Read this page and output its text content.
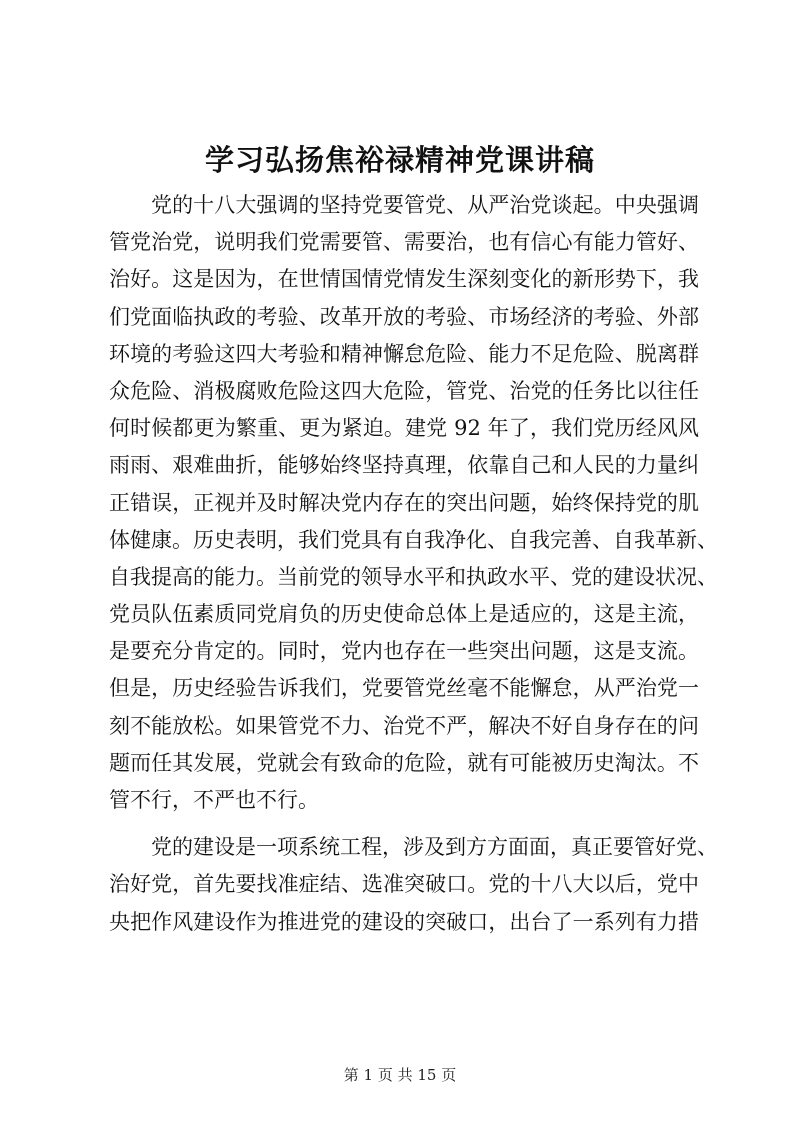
学习弘扬焦裕禄精神党课讲稿
党的十八大强调的坚持党要管党、从严治党谈起。中央强调
管党治党，说明我们党需要管、需要治，也有信心有能力管好、
治好。这是因为，在世情国情党情发生深刻变化的新形势下，我
们党面临执政的考验、改革开放的考验、市场经济的考验、外部
环境的考验这四大考验和精神懈怠危险、能力不足危险、脱离群
众危险、消极腐败危险这四大危险，管党、治党的任务比以往任
何时候都更为繁重、更为紧迫。建党 92 年了，我们党历经风风
雨雨、艰难曲折，能够始终坚持真理，依靠自己和人民的力量纠
正错误，正视并及时解决党内存在的突出问题，始终保持党的肌
体健康。历史表明，我们党具有自我净化、自我完善、自我革新、
自我提高的能力。当前党的领导水平和执政水平、党的建设状况、
党员队伍素质同党肩负的历史使命总体上是适应的，这是主流，
是要充分肯定的。同时，党内也存在一些突出问题，这是支流。
但是，历史经验告诉我们，党要管党丝毫不能懈怠，从严治党一
刻不能放松。如果管党不力、治党不严，解决不好自身存在的问
题而任其发展，党就会有致命的危险，就有可能被历史淘汰。不
管不行，不严也不行。
党的建设是一项系统工程，涉及到方方面面，真正要管好党、
治好党，首先要找准症结、选准突破口。党的十八大以后，党中
央把作风建设作为推进党的建设的突破口，出台了一系列有力措
第 1 页 共 15 页
